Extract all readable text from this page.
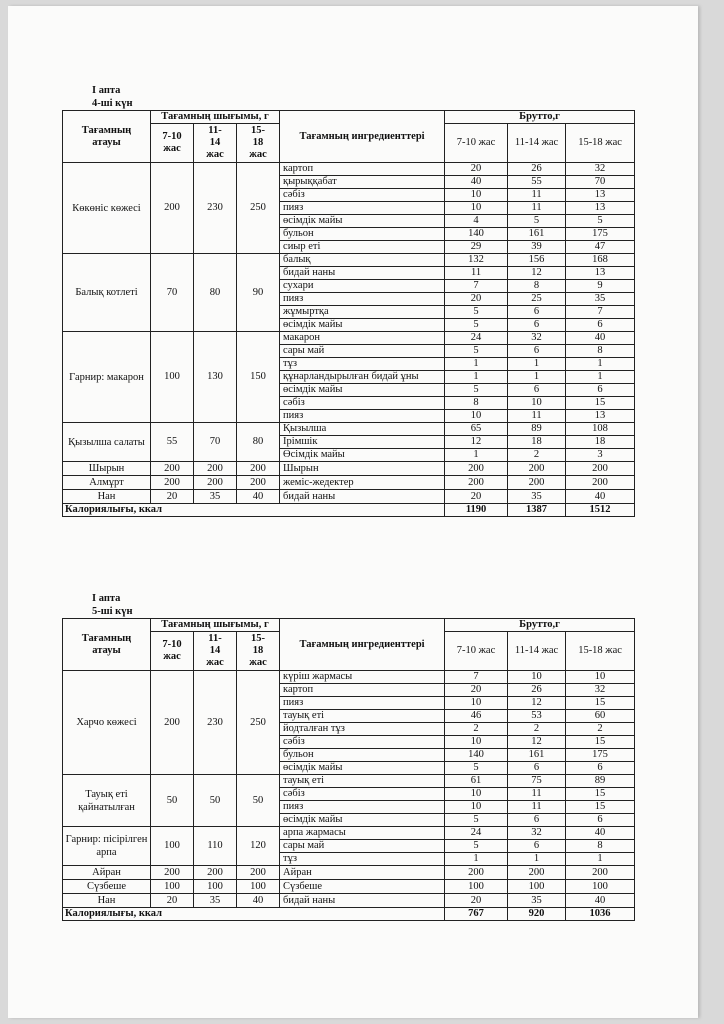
I апта
4-ші күн
Тағамның атауы	Тағамның шығымы, г			Тағамның ингредиенттері	Брутто,г		
	7-10 жас	11-14 жас	15-18 жас		7-10 жас	11-14 жас	15-18 жас
Көкөніс көжесі	200	230	250	картоп	20	26	32
				қырыққабат	40	55	70
				сәбіз	10	11	13
				пияз	10	11	13
				өсімдік майы	4	5	5
				бульон	140	161	175
				сиыр еті	29	39	47
Балық котлеті	70	80	90	балық	132	156	168
				бидай наны	11	12	13
				сухари	7	8	9
				пияз	20	25	35
				жұмыртқа	5	6	7
				өсімдік майы	5	6	6
Гарнир: макарон	100	130	150	макарон	24	32	40
				сары май	5	6	8
				тұз	1	1	1
				құнарландырылған бидай ұны	1	1	1
				өсімдік майы	5	6	6
				сәбіз	8	10	15
				пияз	10	11	13
Қызылша салаты	55	70	80	Қызылша	65	89	108
				Ірімшік	12	18	18
				Өсімдік майы	1	2	3
Шырын	200	200	200	Шырын	200	200	200
Алмұрт	200	200	200	жеміс-жедектер	200	200	200
Нан	20	35	40	бидай наны	20	35	40
Калориялығы, ккал					1190	1387	1512
I апта
5-ші күн
Тағамның атауы	Тағамның шығымы, г			Тағамның ингредиенттері	Брутто,г		
	7-10 жас	11-14 жас	15-18 жас		7-10 жас	11-14 жас	15-18 жас
Харчо көжесі	200	230	250	күріш жармасы	7	10	10
				картоп	20	26	32
				пияз	10	12	15
				тауық еті	46	53	60
				йодталған тұз	2	2	2
				сәбіз	10	12	15
				бульон	140	161	175
				өсімдік майы	5	6	6
Тауық еті қайнатылған	50	50	50	тауық еті	61	75	89
				сәбіз	10	11	15
				пияз	10	11	15
				өсімдік майы	5	6	6
Гарнир: пісірілген арпа	100	110	120	арпа жармасы	24	32	40
				сары май	5	6	8
				тұз	1	1	1
Айран	200	200	200	Айран	200	200	200
Сүзбеше	100	100	100	Сүзбеше	100	100	100
Нан	20	35	40	бидай наны	20	35	40
Калориялығы, ккал					767	920	1036
